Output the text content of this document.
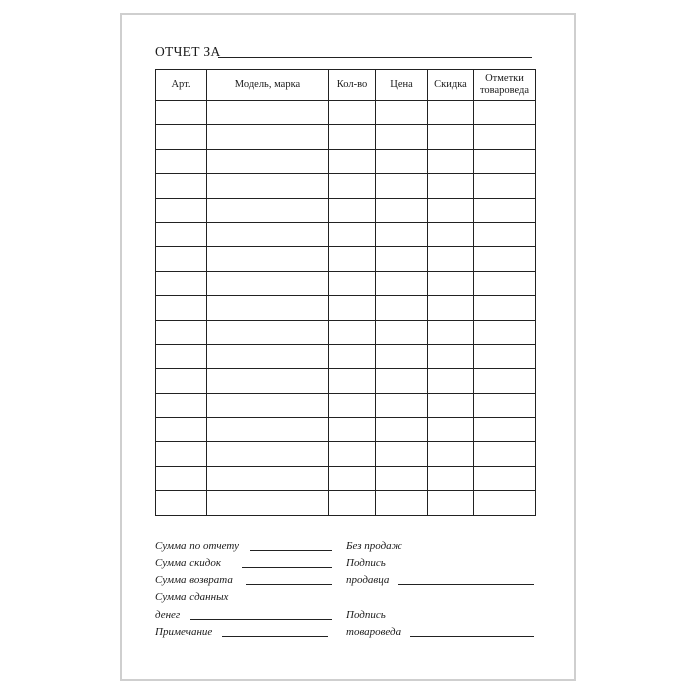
ОТЧЕТ ЗА
Арт.	Модель, марка	Кол-во	Цена	Скидка	Отметки товароведа

Сумма по отчету
Сумма скидок
Сумма возврата
Сумма сданных
денег
Примечание
Без продаж
Подпись
продавца
Подпись
товароведа
